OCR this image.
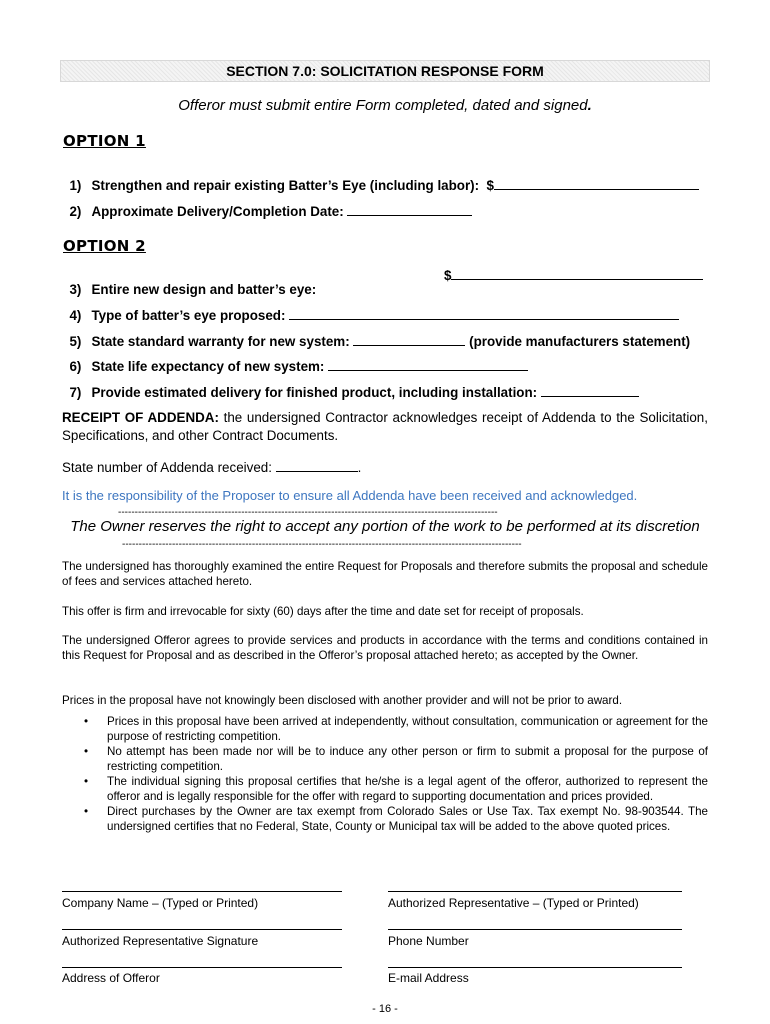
SECTION 7.0: SOLICITATION RESPONSE FORM
Offeror must submit entire Form completed, dated and signed.
OPTION 1

1) Strengthen and repair existing Batter’s Eye (including labor):  $

2) Approximate Delivery/Completion Date:

OPTION 2

3) Entire new design and batter’s eye:

$

4) Type of batter’s eye proposed:

5) State standard warranty for new system:	(provide manufacturers statement)

6) State life expectancy of new system:

7) Provide estimated delivery for finished product, including installation:

RECEIPT OF ADDENDA: the undersigned Contractor acknowledges receipt of Addenda to the Solicitation, Specifications, and other Contract Documents.
State number of Addenda received:	.
It is the responsibility of the Proposer to ensure all Addenda have been received and acknowledged.
------------------------------------------------------------------------------------------------------------------
The Owner reserves the right to accept any portion of the work to be performed at its discretion
------------------------------------------------------------------------------------------------------------------------
The undersigned has thoroughly examined the entire Request for Proposals and therefore submits the proposal and schedule of fees and services attached hereto.
This offer is firm and irrevocable for sixty (60) days after the time and date set for receipt of proposals.
The undersigned Offeror agrees to provide services and products in accordance with the terms and conditions contained in this Request for Proposal and as described in the Offeror’s proposal attached hereto; as accepted by the Owner.
Prices in the proposal have not knowingly been disclosed with another provider and will not be prior to award.
• Prices in this proposal have been arrived at independently, without consultation, communication or agreement for the purpose of restricting competition.
• No attempt has been made nor will be to induce any other person or firm to submit a proposal for the purpose of restricting competition.
• The individual signing this proposal certifies that he/she is a legal agent of the offeror, authorized to represent the offeror and is legally responsible for the offer with regard to supporting documentation and prices provided.
• Direct purchases by the Owner are tax exempt from Colorado Sales or Use Tax. Tax exempt No. 98-903544. The undersigned certifies that no Federal, State, County or Municipal tax will be added to the above quoted prices.
Company Name – (Typed or Printed)	Authorized Representative – (Typed or Printed)
Authorized Representative Signature	Phone Number
Address of Offeror	E-mail Address
- 16 -
